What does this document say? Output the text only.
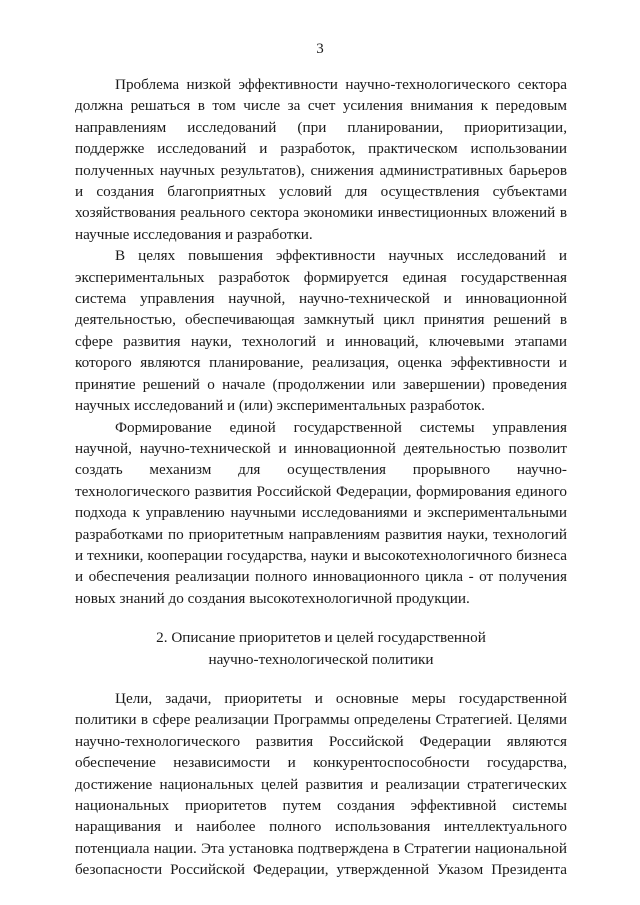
3

Проблема низкой эффективности научно-технологического сектора должна решаться в том числе за счет усиления внимания к передовым направлениям исследований (при планировании, приоритизации, поддержке исследований и разработок, практическом использовании полученных научных результатов), снижения административных барьеров и создания благоприятных условий для осуществления субъектами хозяйствования реального сектора экономики инвестиционных вложений в научные исследования и разработки.

В целях повышения эффективности научных исследований и экспериментальных разработок формируется единая государственная система управления научной, научно-технической и инновационной деятельностью, обеспечивающая замкнутый цикл принятия решений в сфере развития науки, технологий и инноваций, ключевыми этапами которого являются планирование, реализация, оценка эффективности и принятие решений о начале (продолжении или завершении) проведения научных исследований и (или) экспериментальных разработок.

Формирование единой государственной системы управления научной, научно-технической и инновационной деятельностью позволит создать механизм для осуществления прорывного научно-технологического развития Российской Федерации, формирования единого подхода к управлению научными исследованиями и экспериментальными разработками по приоритетным направлениям развития науки, технологий и техники, кооперации государства, науки и высокотехнологичного бизнеса и обеспечения реализации полного инновационного цикла - от получения новых знаний до создания высокотехнологичной продукции.

2. Описание приоритетов и целей государственной
научно-технологической политики

Цели, задачи, приоритеты и основные меры государственной политики в сфере реализации Программы определены Стратегией. Целями научно-технологического развития Российской Федерации являются обеспечение независимости и конкурентоспособности государства, достижение национальных целей развития и реализации стратегических национальных приоритетов путем создания эффективной системы наращивания и наиболее полного использования интеллектуального потенциала нации. Эта установка подтверждена в Стратегии национальной безопасности Российской Федерации, утвержденной Указом Президента
